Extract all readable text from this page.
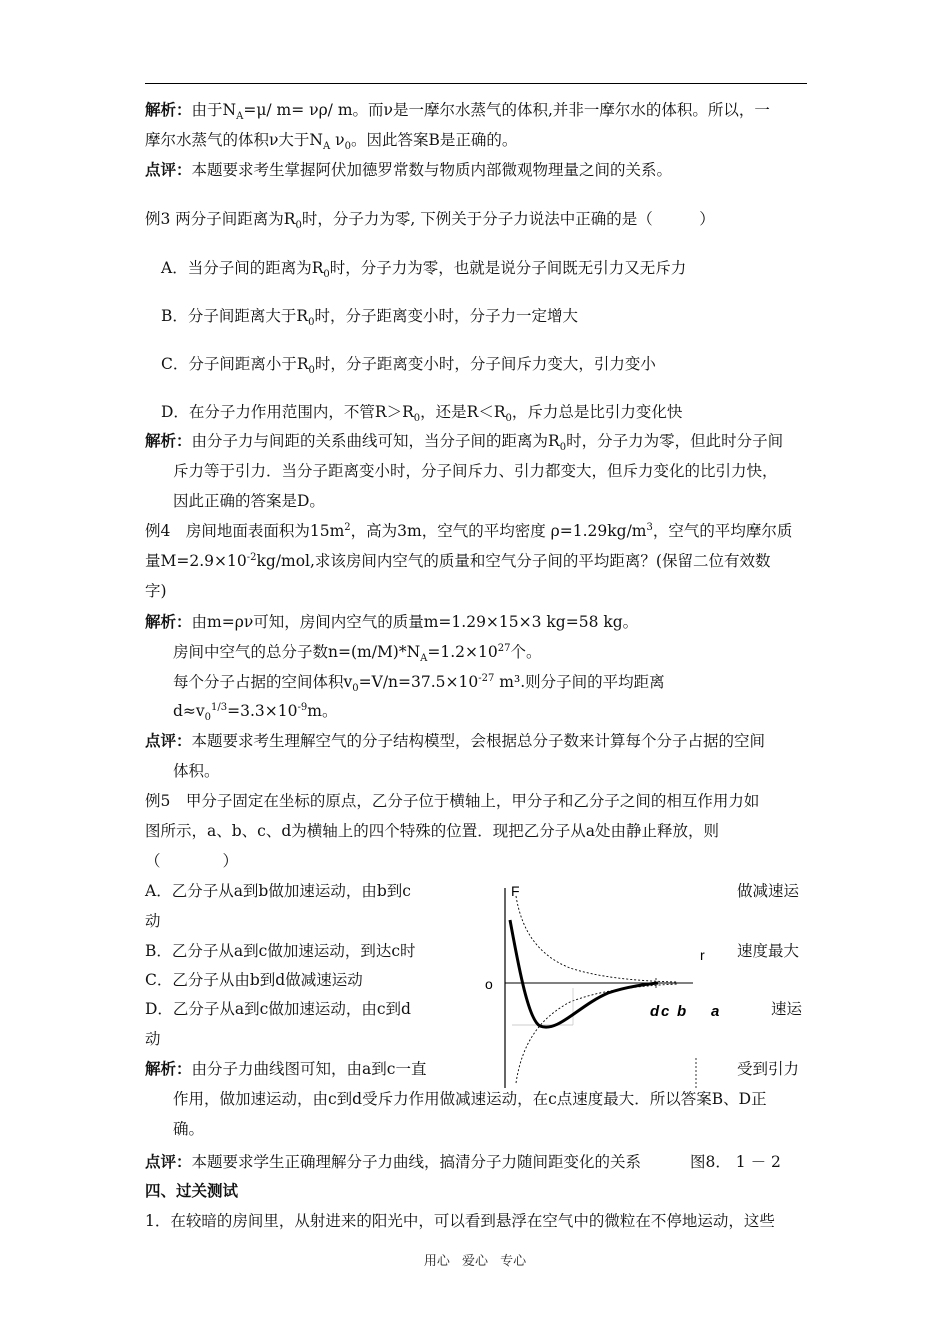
解析：由于$N_A=\mu/$ m= νρ/ m。而ν是一摩尔水蒸气的体积,并非一摩尔水的体积。所以，一
摩尔水蒸气的体积ν大于$N_A$ $\nu_0$。因此答案B是正确的。
点评：本题要求考生掌握阿伏加德罗常数与物质内部微观物理量之间的关系。
例3 两分子间距离为$R_0$时，分子力为零, 下例关于分子力说法中正确的是（　　　）
A．当分子间的距离为$R_0$时，分子力为零，也就是说分子间既无引力又无斥力
B．分子间距离大于$R_0$时，分子距离变小时，分子力一定增大
C．分子间距离小于$R_0$时，分子距离变小时，分子间斥力变大，引力变小
D．在分子力作用范围内，不管$R>R_0$，还是$R<R_0$，斥力总是比引力变化快
解析：由分子力与间距的关系曲线可知，当分子间的距离为$R_0$时，分子力为零，但此时分子间
斥力等于引力．当分子距离变小时，分子间斥力、引力都变大，但斥力变化的比引力快，
因此正确的答案是D。
例4　房间地面表面积为$15m^2$，高为3m，空气的平均密度 $\rho=1.29kg/m^3$，空气的平均摩尔质
量$M=2.9\times 10^{-2}kg$/mol,求该房间内空气的质量和空气分子间的平均距离？(保留二位有效数
字)
解析：由m=ρν可知，房间内空气的质量m=1.29×15×3 kg=58 kg。
房间中空气的总分子数$n=(m/M)*N_A=1.2\times 10^{27}$个。
每个分子占据的空间体积$v_0=V/n=37.5\times 10^{-27}$ m³.则分子间的平均距离
$d\approx v_0^{1/3}=3.3\times 10^{-9}m$。
点评：本题要求考生理解空气的分子结构模型，会根据总分子数来计算每个分子占据的空间
体积。
例5　甲分子固定在坐标的原点，乙分子位于横轴上，甲分子和乙分子之间的相互作用力如
图所示，a、b、c、d为横轴上的四个特殊的位置．现把乙分子从a处由静止释放，则
（　　　　）
A．乙分子从a到b做加速运动，由b到c	做减速运
动
B．乙分子从a到c做加速运动，到达c时	速度最大
C．乙分子从由b到d做减速运动
D．乙分子从a到c做加速运动，由c到d	速运
动
解析：由分子力曲线图可知，由a到c一直	受到引力
作用，做加速运动，由c到d受斥力作用做减速运动，在c点速度最大．所以答案B、D正
确。
点评：本题要求学生正确理解分子力曲线，搞清分子力随间距变化的关系	图8． 1 － 2
F
r
o
d c b a
四、过关测试
1．在较暗的房间里，从射进来的阳光中，可以看到悬浮在空气中的微粒在不停地运动，这些
用心 爱心 专心
